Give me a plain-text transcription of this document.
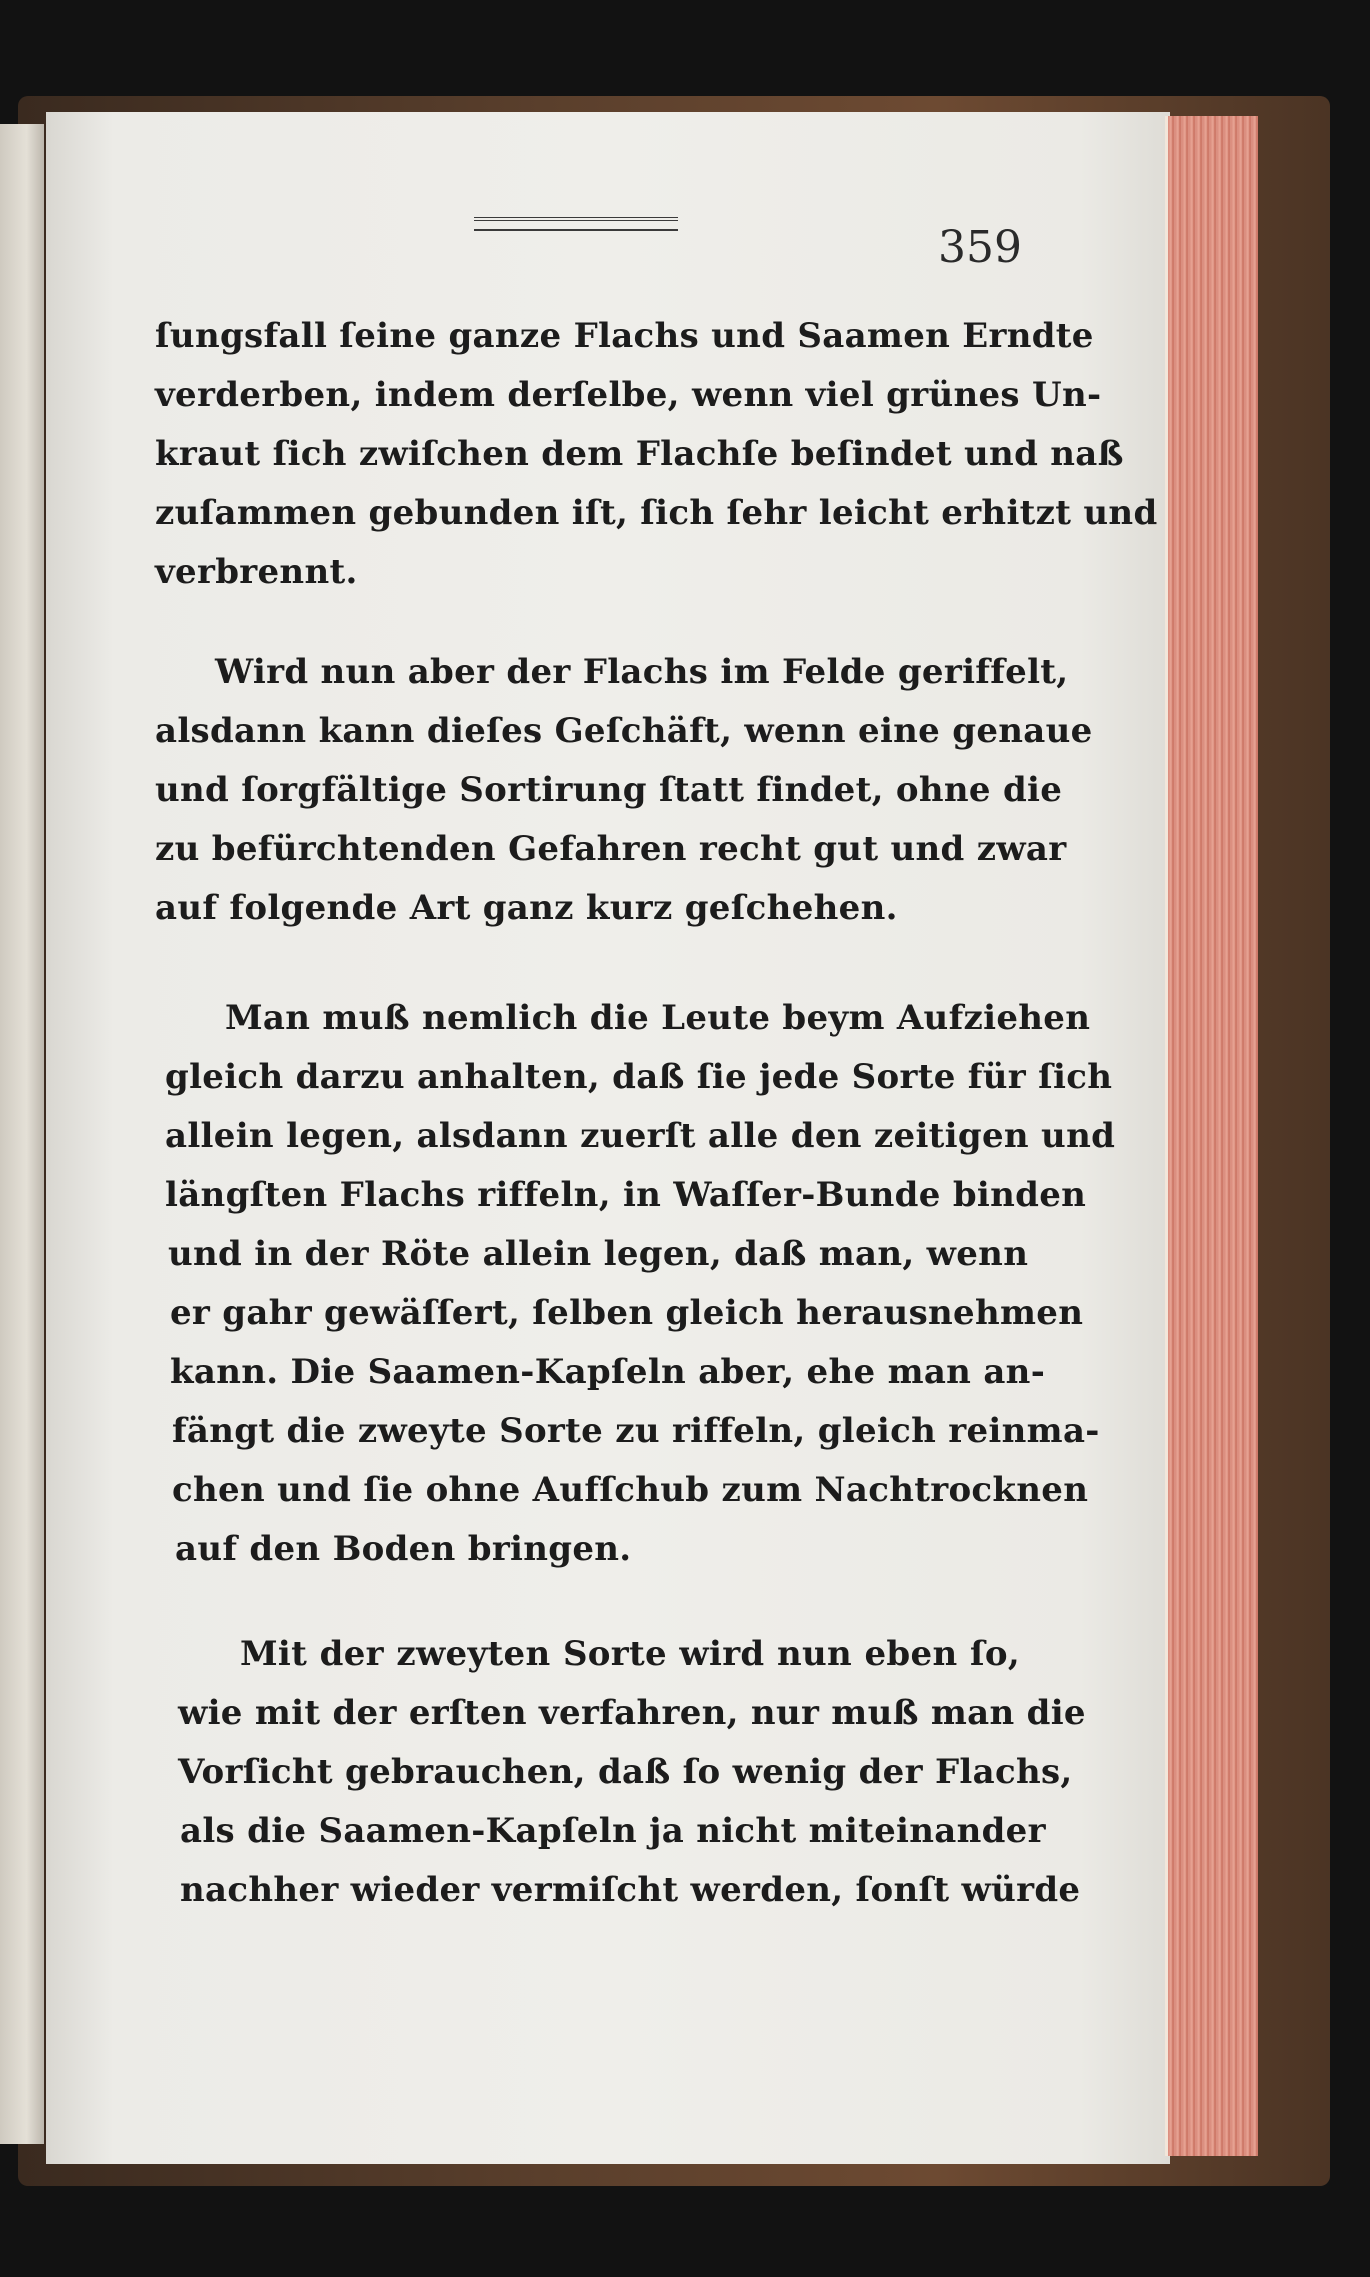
359
ſungsfall ſeine ganze Flachs und Saamen Erndte
verderben, indem derſelbe, wenn viel grünes Un-
kraut ſich zwiſchen dem Flachſe beſindet und naß
zuſammen gebunden iſt, ſich ſehr leicht erhitzt und
verbrennt.
Wird nun aber der Flachs im Felde geriffelt,
alsdann kann dieſes Geſchäft, wenn eine genaue
und ſorgfältige Sortirung ſtatt findet, ohne die
zu befürchtenden Gefahren recht gut und zwar
auf folgende Art ganz kurz geſchehen.
Man muß nemlich die Leute beym Aufziehen
gleich darzu anhalten, daß ſie jede Sorte für ſich
allein legen, alsdann zuerſt alle den zeitigen und
längſten Flachs riffeln, in Waſſer-Bunde binden
und in der Röte allein legen, daß man, wenn
er gahr gewäſſert, ſelben gleich herausnehmen
kann. Die Saamen-Kapſeln aber, ehe man an-
fängt die zweyte Sorte zu riffeln, gleich reinma-
chen und ſie ohne Aufſchub zum Nachtrocknen
auf den Boden bringen.
Mit der zweyten Sorte wird nun eben ſo,
wie mit der erſten verfahren, nur muß man die
Vorſicht gebrauchen, daß ſo wenig der Flachs,
als die Saamen-Kapſeln ja nicht miteinander
nachher wieder vermiſcht werden, ſonſt würde
